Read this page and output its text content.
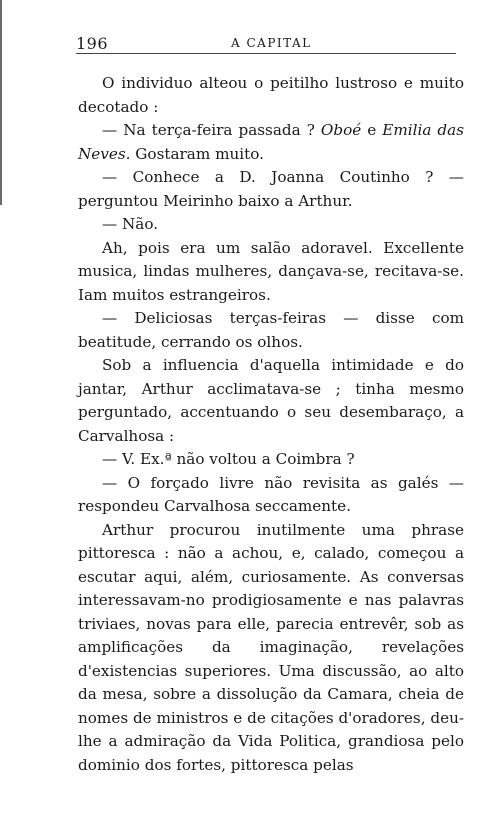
196	A CAPITAL

O individuo alteou o peitilho lustroso e muito decotado :

— Na terça-feira passada ? Oboé e Emilia das Neves. Gostaram muito.

— Conhece a D. Joanna Coutinho ? — perguntou Meirinho baixo a Arthur.

— Não.

Ah, pois era um salão adoravel. Excellente musica, lindas mulheres, dançava-se, recitava-se. Iam muitos estrangeiros.

— Deliciosas terças-feiras — disse com beatitude, cerrando os olhos.

Sob a influencia d'aquella intimidade e do jantar, Arthur acclimatava-se ; tinha mesmo perguntado, accentuando o seu desembaraço, a Carvalhosa :

— V. Ex.ª não voltou a Coimbra ?

— O forçado livre não revisita as galés — respondeu Carvalhosa seccamente.

Arthur procurou inutilmente uma phrase pittoresca : não a achou, e, calado, começou a escutar aqui, além, curiosamente. As conversas interessavam-no prodigiosamente e nas palavras triviaes, novas para elle, parecia entrevêr, sob as amplificações da imaginação, revelações d'existencias superiores. Uma discussão, ao alto da mesa, sobre a dissolução da Camara, cheia de nomes de ministros e de citações d'oradores, deu-lhe a admiração da Vida Politica, grandiosa pelo dominio dos fortes, pittoresca pelas
